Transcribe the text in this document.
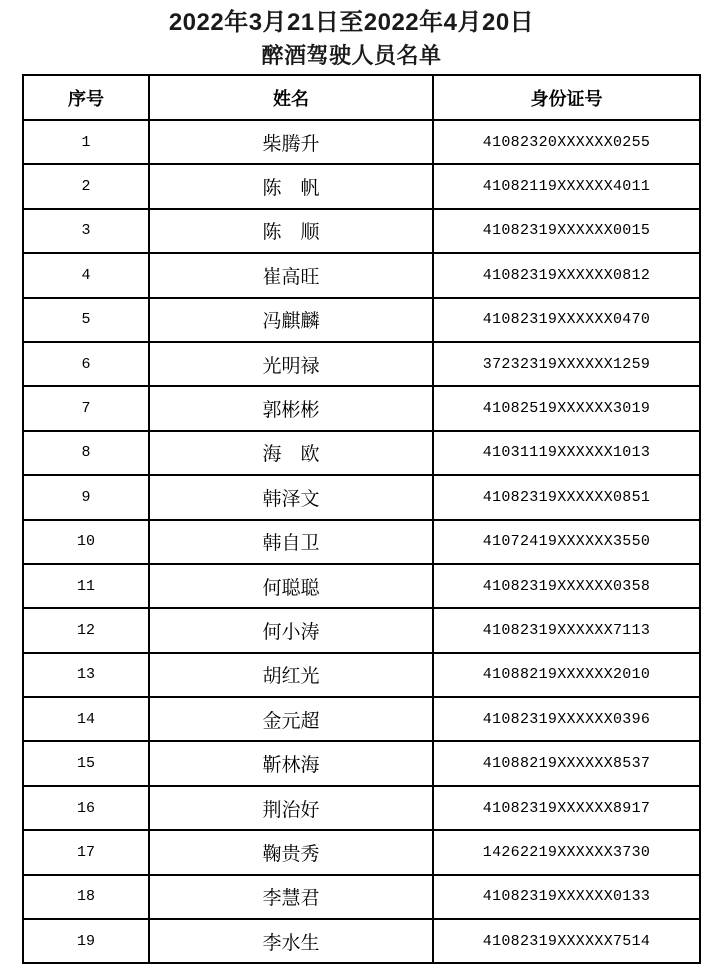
2022年3月21日至2022年4月20日
醉酒驾驶人员名单
序号	姓名	身份证号
1	柴腾升	41082320XXXXXX0255
2	陈　帆	41082119XXXXXX4011
3	陈　顺	41082319XXXXXX0015
4	崔高旺	41082319XXXXXX0812
5	冯麒麟	41082319XXXXXX0470
6	光明禄	37232319XXXXXX1259
7	郭彬彬	41082519XXXXXX3019
8	海　欧	41031119XXXXXX1013
9	韩泽文	41082319XXXXXX0851
10	韩自卫	41072419XXXXXX3550
11	何聪聪	41082319XXXXXX0358
12	何小涛	41082319XXXXXX7113
13	胡红光	41088219XXXXXX2010
14	金元超	41082319XXXXXX0396
15	靳林海	41088219XXXXXX8537
16	荆治好	41082319XXXXXX8917
17	鞠贵秀	14262219XXXXXX3730
18	李慧君	41082319XXXXXX0133
19	李水生	41082319XXXXXX7514
